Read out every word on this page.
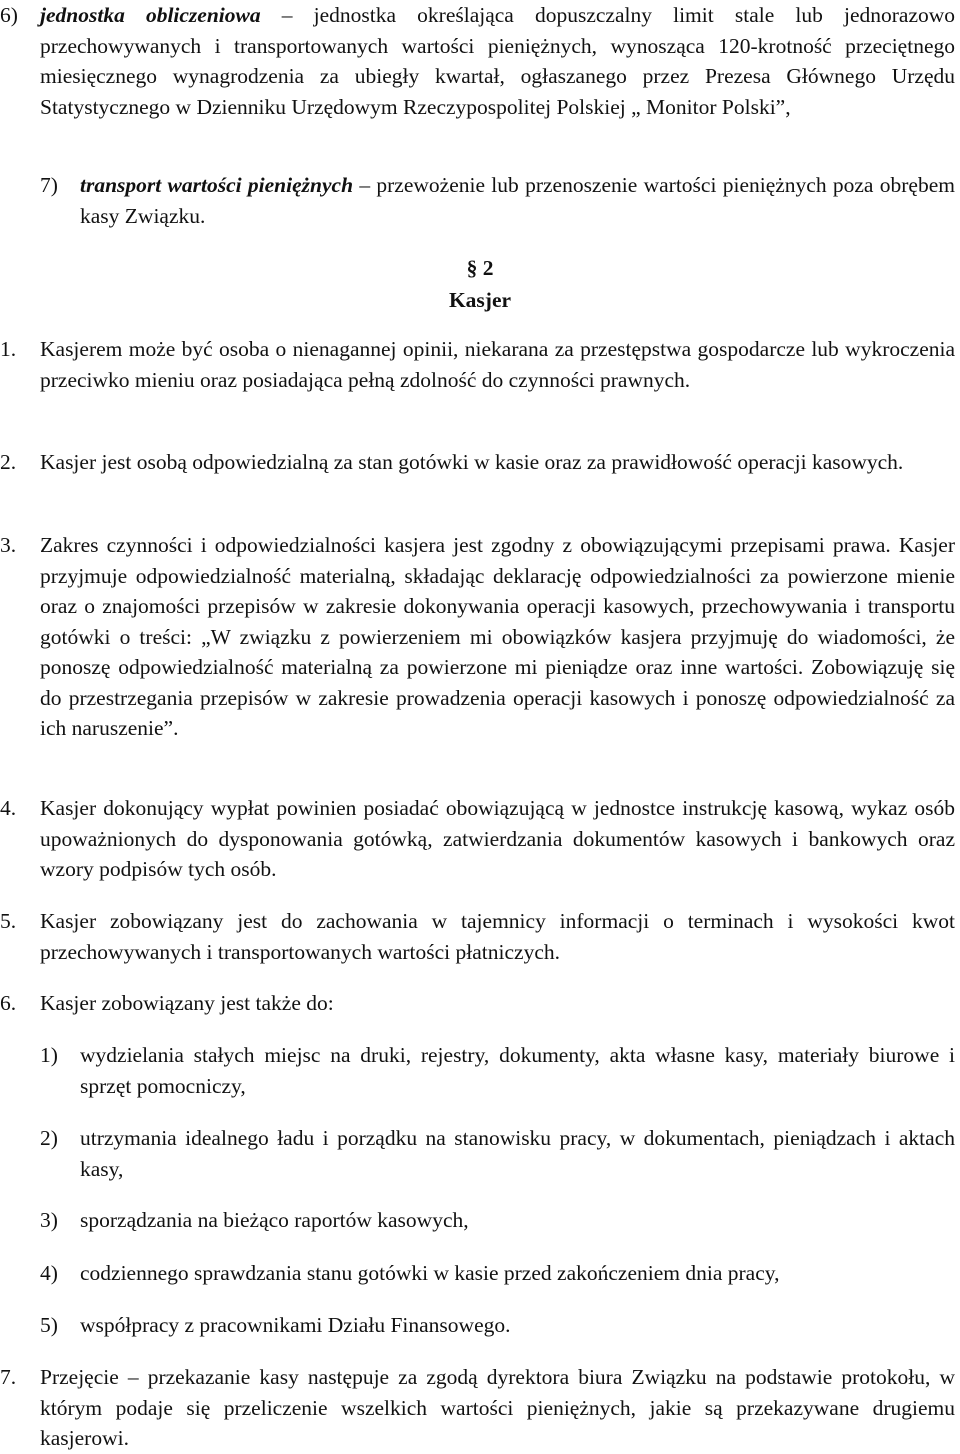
6) jednostka obliczeniowa – jednostka określająca dopuszczalny limit stale lub jednorazowo przechowywanych i transportowanych wartości pieniężnych, wynosząca 120-krotność przeciętnego miesięcznego wynagrodzenia za ubiegły kwartał, ogłaszanego przez Prezesa Głównego Urzędu Statystycznego w Dzienniku Urzędowym Rzeczypospolitej Polskiej „ Monitor Polski”,
7) transport wartości pieniężnych – przewożenie lub przenoszenie wartości pieniężnych poza obrębem kasy Związku.
§ 2
Kasjer
1. Kasjerem może być osoba o nienagannej opinii, niekarana za przestępstwa gospodarcze lub wykroczenia przeciwko mieniu oraz posiadająca pełną zdolność do czynności prawnych.
2. Kasjer jest osobą odpowiedzialną za stan gotówki w kasie oraz za prawidłowość operacji kasowych.
3. Zakres czynności i odpowiedzialności kasjera jest zgodny z obowiązującymi przepisami prawa. Kasjer przyjmuje odpowiedzialność materialną, składając deklarację odpowiedzialności za powierzone mienie oraz o znajomości przepisów w zakresie dokonywania operacji kasowych, przechowywania i transportu gotówki o treści: „W związku z powierzeniem mi obowiązków kasjera przyjmuję do wiadomości, że ponoszę odpowiedzialność materialną za powierzone mi pieniądze oraz inne wartości. Zobowiązuję się do przestrzegania przepisów w zakresie prowadzenia operacji kasowych i ponoszę odpowiedzialność za ich naruszenie”.
4. Kasjer dokonujący wypłat powinien posiadać obowiązującą w jednostce instrukcję kasową, wykaz osób upoważnionych do dysponowania gotówką, zatwierdzania dokumentów kasowych i bankowych oraz wzory podpisów tych osób.
5. Kasjer zobowiązany jest do zachowania w tajemnicy informacji o terminach i wysokości kwot przechowywanych i transportowanych wartości płatniczych.
6. Kasjer zobowiązany jest także do:
1) wydzielania stałych miejsc na druki, rejestry, dokumenty, akta własne kasy, materiały biurowe i sprzęt pomocniczy,
2) utrzymania idealnego ładu i porządku na stanowisku pracy, w dokumentach, pieniądzach i aktach kasy,
3) sporządzania na bieżąco raportów kasowych,
4) codziennego sprawdzania stanu gotówki w kasie przed zakończeniem dnia pracy,
5) współpracy z pracownikami Działu Finansowego.
7. Przejęcie – przekazanie kasy następuje za zgodą dyrektora biura Związku na podstawie protokołu, w którym podaje się przeliczenie wszelkich wartości pieniężnych, jakie są przekazywane drugiemu kasjerowi.
